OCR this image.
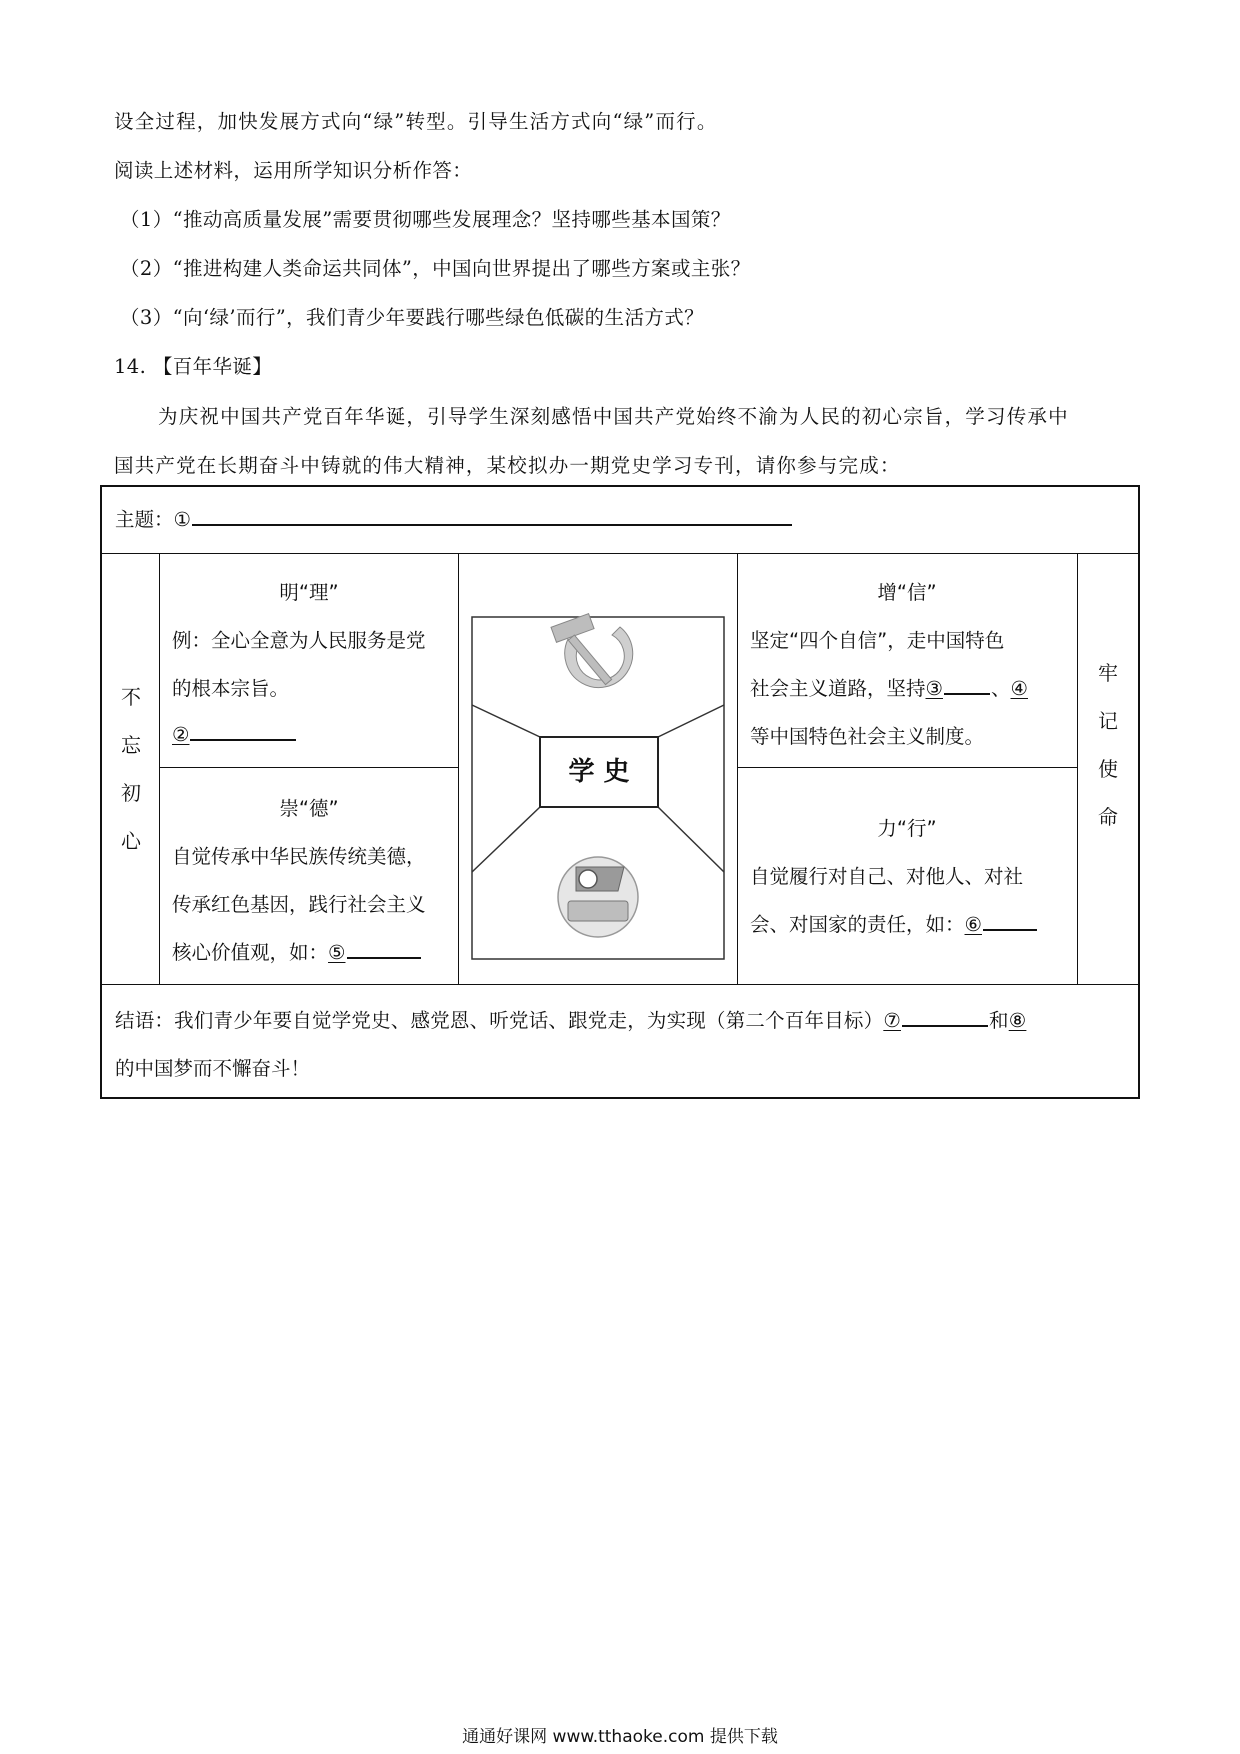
设全过程，加快发展方式向“绿”转型。引导生活方式向“绿”而行。
阅读上述材料，运用所学知识分析作答：
（1）“推动高质量发展”需要贯彻哪些发展理念？坚持哪些基本国策？
（2）“推进构建人类命运共同体”，中国向世界提出了哪些方案或主张？
（3）“向‘绿’而行”，我们青少年要践行哪些绿色低碳的生活方式？
14. 【百年华诞】
为庆祝中国共产党百年华诞，引导学生深刻感悟中国共产党始终不渝为人民的初心宗旨，学习传承中
国共产党在长期奋斗中铸就的伟大精神，某校拟办一期党史学习专刊，请你参与完成：
主题：①
不忘初心
牢记使命
明“理”
例：全心全意为人民服务是党
的根本宗旨。
②
崇“德”
自觉传承中华民族传统美德，
传承红色基因，践行社会主义
核心价值观，如：⑤
学 史
增“信”
坚定“四个自信”，走中国特色
社会主义道路，坚持③ 、④
等中国特色社会主义制度。
力“行”
自觉履行对自己、对他人、对社
会、对国家的责任，如：⑥
结语：我们青少年要自觉学党史、感党恩、听党话、跟党走，为实现（第二个百年目标）⑦	和⑧
的中国梦而不懈奋斗！
通通好课网 www.tthaoke.com 提供下载
